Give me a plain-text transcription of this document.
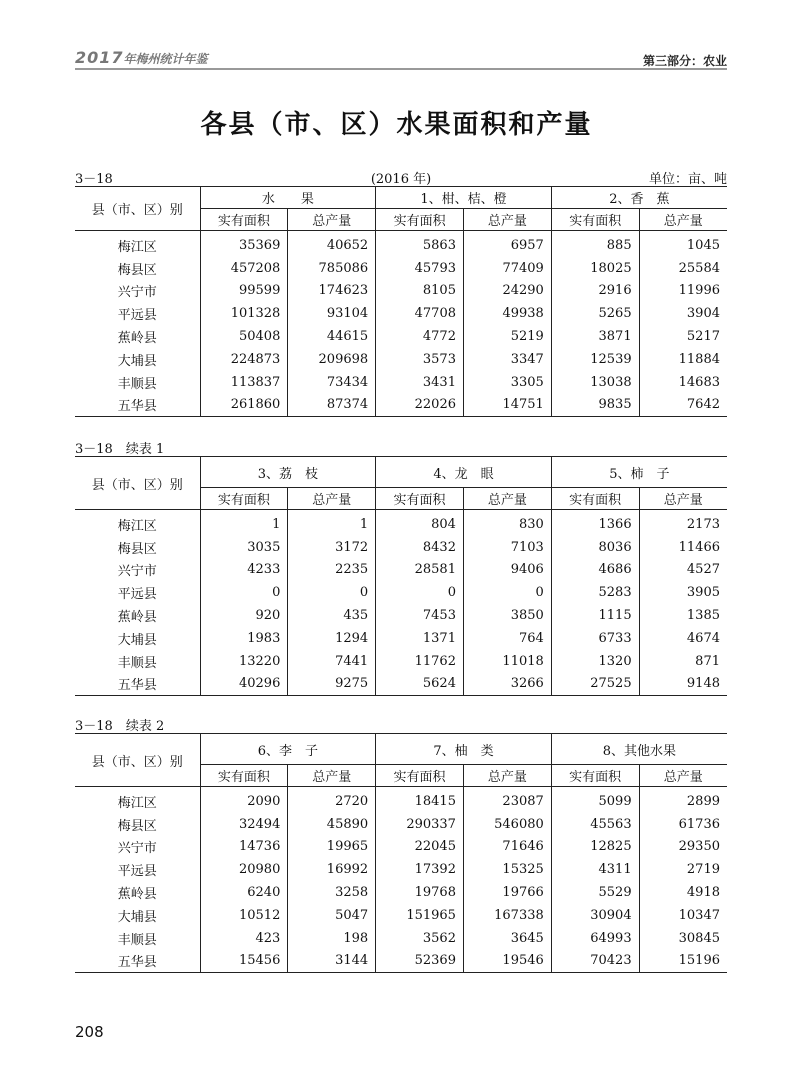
2017年梅州统计年鉴	第三部分：农业
各县（市、区）水果面积和产量
3－18	(2016 年)	单位：亩、吨
县（市、区）别	水　　果		1、柑、桔、橙		2、香　蕉	
	实有面积	总产量	实有面积	总产量	实有面积	总产量
梅江区	35369	40652	5863	6957	885	1045
梅县区	457208	785086	45793	77409	18025	25584
兴宁市	99599	174623	8105	24290	2916	11996
平远县	101328	93104	47708	49938	5265	3904
蕉岭县	50408	44615	4772	5219	3871	5217
大埔县	224873	209698	3573	3347	12539	11884
丰顺县	113837	73434	3431	3305	13038	14683
五华县	261860	87374	22026	14751	9835	7642
3－18　续表 1
县（市、区）别	3、荔　枝		4、龙　眼		5、柿　子	
	实有面积	总产量	实有面积	总产量	实有面积	总产量
梅江区	1	1	804	830	1366	2173
梅县区	3035	3172	8432	7103	8036	11466
兴宁市	4233	2235	28581	9406	4686	4527
平远县	0	0	0	0	5283	3905
蕉岭县	920	435	7453	3850	1115	1385
大埔县	1983	1294	1371	764	6733	4674
丰顺县	13220	7441	11762	11018	1320	871
五华县	40296	9275	5624	3266	27525	9148
3－18　续表 2
县（市、区）别	6、李　子		7、柚　类		8、其他水果	
	实有面积	总产量	实有面积	总产量	实有面积	总产量
梅江区	2090	2720	18415	23087	5099	2899
梅县区	32494	45890	290337	546080	45563	61736
兴宁市	14736	19965	22045	71646	12825	29350
平远县	20980	16992	17392	15325	4311	2719
蕉岭县	6240	3258	19768	19766	5529	4918
大埔县	10512	5047	151965	167338	30904	10347
丰顺县	423	198	3562	3645	64993	30845
五华县	15456	3144	52369	19546	70423	15196
208
